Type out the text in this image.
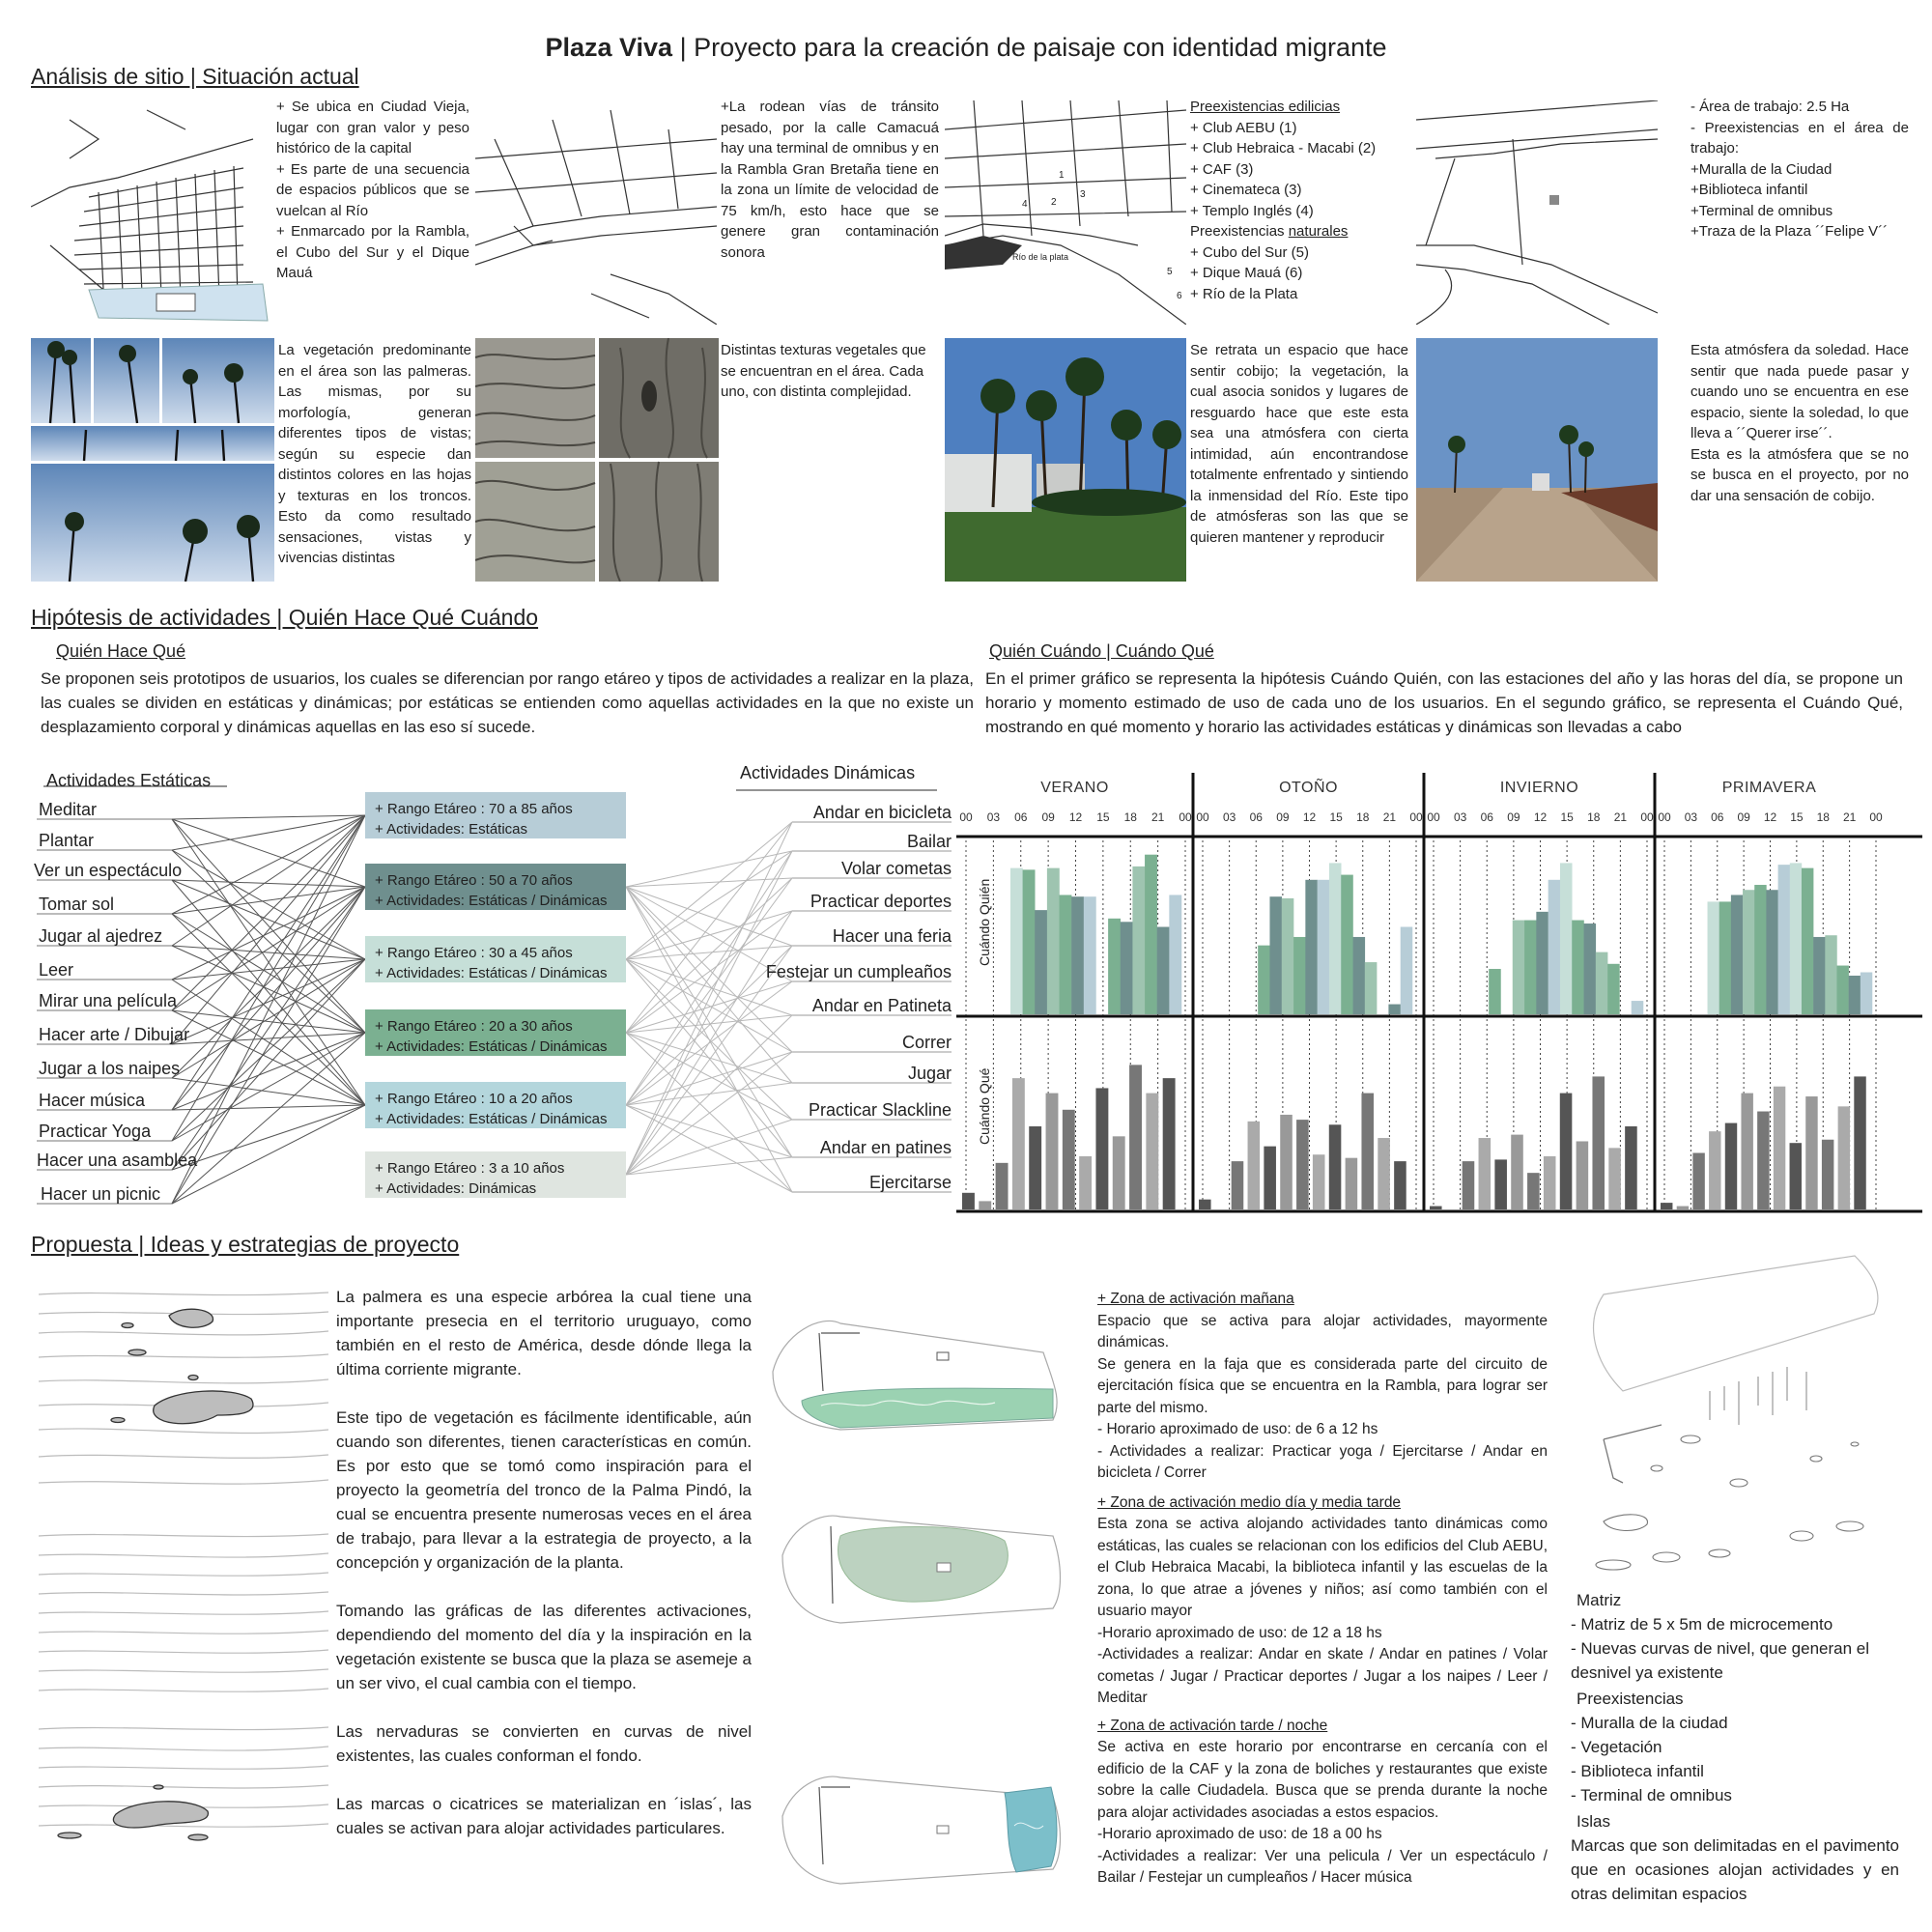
Plaza Viva | Proyecto para la creación de paisaje con identidad migrante
Análisis de sitio | Situación actual

+ Se ubica en Ciudad Vieja, lugar con gran valor y peso histórico de la capital

+ Es parte de una secuencia de espacios públicos que se vuelcan al Río

+ Enmarcado por la Rambla, el Cubo del Sur y el Dique Mauá

+La rodean vías de tránsito pesado, por la calle Camacuá hay una terminal de omnibus y en la Rambla Gran Bretaña tiene en la zona un límite de velocidad de 75 km/h, esto hace que se genere gran contaminación sonora	Río de la plata
1
2
3
4
5
6

Preexistencias edilicias

+ Club AEBU (1)

+ Club Hebraica - Macabi (2)

+ CAF (3)

+ Cinemateca (3)

+ Templo Inglés (4)

Preexistencias naturales

+ Cubo del Sur (5)

+ Dique Mauá (6)

+ Río de la Plata

- Área de trabajo: 2.5 Ha

- Preexistencias en el área de trabajo:

+Muralla de la Ciudad

+Biblioteca infantil

+Terminal de omnibus

+Traza de la Plaza ´´Felipe V´´

La vegetación predominante en el área son las palmeras. Las mismas, por su morfología, generan diferentes tipos de vistas; según su especie dan distintos colores en las hojas y texturas en los troncos. Esto da como resultado sensaciones, vistas y vivencias distintas
Distintas texturas vegetales que se encuentran en el área. Cada uno, con distinta complejidad.
Se retrata un espacio que hace sentir cobijo; la vegetación, la cual asocia sonidos y lugares de resguardo hace que este esta sea una atmósfera con cierta intimidad, aún encontrandose totalmente enfrentado y sintiendo la inmensidad del Río. Este tipo de atmósferas son las que se quieren mantener y reproducir

Esta atmósfera da soledad. Hace sentir que nada puede pasar y cuando uno se encuentra en ese espacio, siente la soledad, lo que lleva a ´´Querer irse´´.

Esta es la atmósfera que se no se busca en el proyecto, por no dar una sensación de cobijo.

Hipótesis de actividades | Quién Hace Qué Cuándo
Quién Hace Qué
Se proponen seis prototipos de usuarios, los cuales se diferencian por rango etáreo y tipos de actividades a realizar en la plaza, las cuales se dividen en estáticas y dinámicas; por estáticas se entienden como aquellas actividades en la que no existe un desplazamiento corporal y dinámicas aquellas en las eso sí sucede.
Quién Cuándo | Cuándo Qué
En el primer gráfico se representa la hipótesis Cuándo Quién, con las estaciones del año y las horas del día, se propone un horario y momento estimado de uso de cada uno de los usuarios. En el segundo gráfico, se representa el Cuándo Qué, mostrando en qué momento y horario las actividades estáticas y dinámicas son llevadas a cabo
Actividades Estáticas
Meditar
Plantar
Ver un espectáculo
Tomar sol
Jugar al ajedrez
Leer
Mirar una película
Hacer arte / Dibujar
Jugar a los naipes
Hacer música
Practicar Yoga
Hacer una asamblea
Hacer un picnic
Actividades Dinámicas
Andar en bicicleta
Bailar
Volar cometas
Practicar deportes
Hacer una feria
Festejar un cumpleaños
Andar en Patineta
Correr
Jugar
Practicar Slackline
Andar en patines
Ejercitarse
+ Rango Etáreo : 70 a 85 años
+ Actividades: Estáticas
+ Rango Etáreo : 50 a 70 años
+ Actividades: Estáticas / Dinámicas
+ Rango Etáreo : 30 a 45 años
+ Actividades: Estáticas / Dinámicas
+ Rango Etáreo : 20 a 30 años
+ Actividades: Estáticas / Dinámicas
+ Rango Etáreo : 10 a 20 años
+ Actividades: Estáticas / Dinámicas
+ Rango Etáreo : 3 a 10 años
+ Actividades: Dinámicas
VERANO
00 03 06 09 12 15 18 21 00
OTOÑO
00 03 06 09 12 15 18 21 00
INVIERNO
00 03 06 09 12 15 18 21 00
PRIMAVERA
00 03 06 09 12 15 18 21 00
Cuándo Quién
Cuándo Qué
Propuesta | Ideas y estrategias de proyecto

La palmera es una especie arbórea la cual tiene una importante presecia en el territorio uruguayo, como también en el resto de América, desde dónde llega la última corriente migrante.

Este tipo de vegetación es fácilmente identificable, aún cuando son diferentes, tienen características en común. Es por esto que se tomó como inspiración para el proyecto la geometría del tronco de la Palma Pindó, la cual se encuentra presente numerosas veces en el área de trabajo, para llevar a la estrategia de proyecto, a la concepción y organización de la planta.

Tomando las gráficas de las diferentes activaciones, dependiendo del momento del día y la inspiración en la vegetación existente se busca que la plaza se asemeje a un ser vivo, el cual cambia con el tiempo.

Las nervaduras se convierten en curvas de nivel existentes, las cuales conforman el fondo.

Las marcas o cicatrices se materializan en ´islas´, las cuales se activan para alojar actividades particulares.

+ Zona de activación mañana

Espacio que se activa para alojar actividades, mayormente dinámicas.

Se genera en la faja que es considerada parte del circuito de ejercitación física que se encuentra en la Rambla, para lograr ser parte del mismo.

- Horario aproximado de uso: de 6 a 12 hs

- Actividades a realizar: Practicar yoga / Ejercitarse / Andar en bicicleta / Correr

+ Zona de activación medio día y media tarde

Esta zona se activa alojando actividades tanto dinámicas como estáticas, las cuales se relacionan con los edificios del Club AEBU, el Club Hebraica Macabi, la biblioteca infantil y las escuelas de la zona, lo que atrae a jóvenes y niños; así como también con el usuario mayor

-Horario aproximado de uso: de 12 a 18 hs

-Actividades a realizar: Andar en skate / Andar en patines / Volar cometas / Jugar / Practicar deportes / Jugar a los naipes / Leer / Meditar

+ Zona de activación tarde / noche

Se activa en este horario por encontrarse en cercanía con el edificio de la CAF y la zona de boliches y restaurantes que existe sobre la calle Ciudadela. Busca que se prenda durante la noche para alojar actividades asociadas a estos espacios.

-Horario aproximado de uso: de 18 a 00 hs

-Actividades a realizar: Ver una pelicula / Ver un espectáculo / Bailar / Festejar un cumpleaños / Hacer música

Matriz

- Matriz de 5 x 5m de microcemento

- Nuevas curvas de nivel, que generan el desnivel ya existente

Preexistencias

- Muralla de la ciudad

- Vegetación

- Biblioteca infantil

- Terminal de omnibus

Islas

Marcas que son delimitadas en el pavimento que en ocasiones alojan actividades y en otras delimitan espacios
